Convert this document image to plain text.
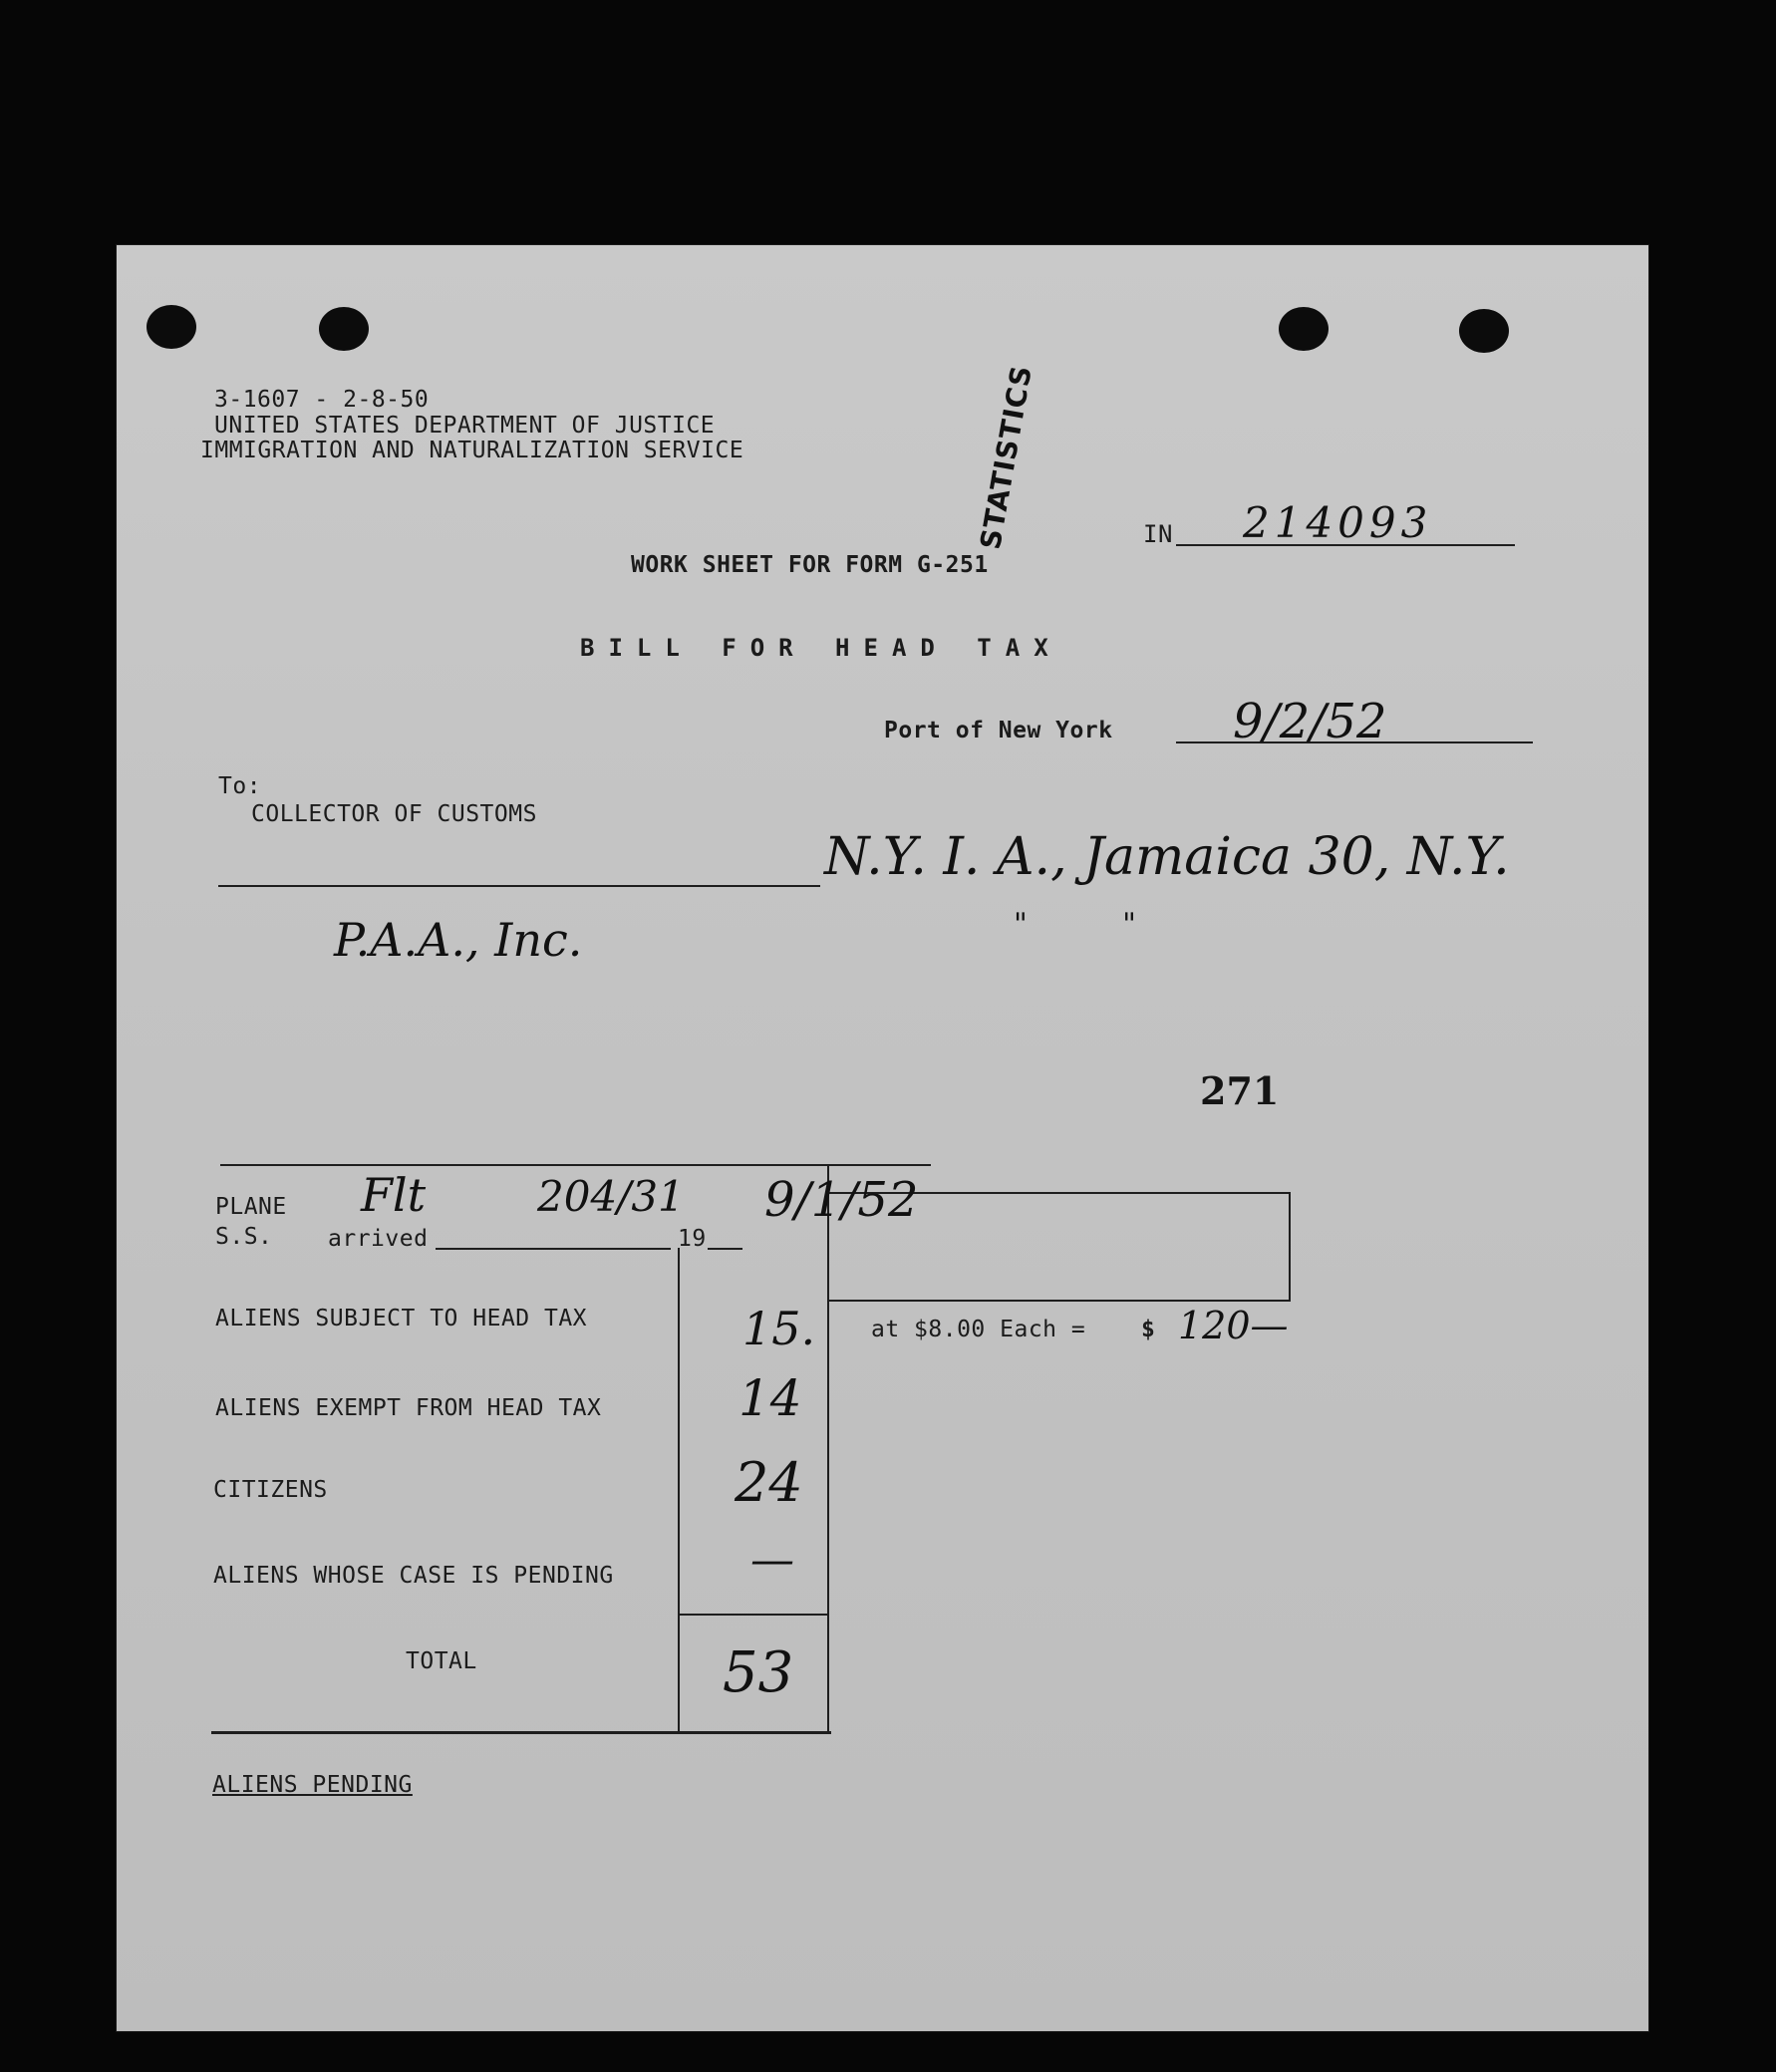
3-1607 - 2-8-50
UNITED STATES DEPARTMENT OF JUSTICE
IMMIGRATION AND NATURALIZATION SERVICE	STATISTICS	IN 214093
WORK SHEET FOR FORM G-251
BILL FOR HEAD TAX
Port of New York	9/2/52
To:
COLLECTOR OF CUSTOMS
N.Y. I. A., Jamaica 30, N.Y.
"          "
P.A.A., Inc.
271
PLANE
S.S. arrived	19
Flt	204/31 9/1/52
ALIENS SUBJECT TO HEAD TAX	15.
ALIENS EXEMPT FROM HEAD TAX	14
CITIZENS	24
ALIENS WHOSE CASE IS PENDING	—
TOTAL	53
at $8.00 Each = $ 120—
ALIENS PENDING
